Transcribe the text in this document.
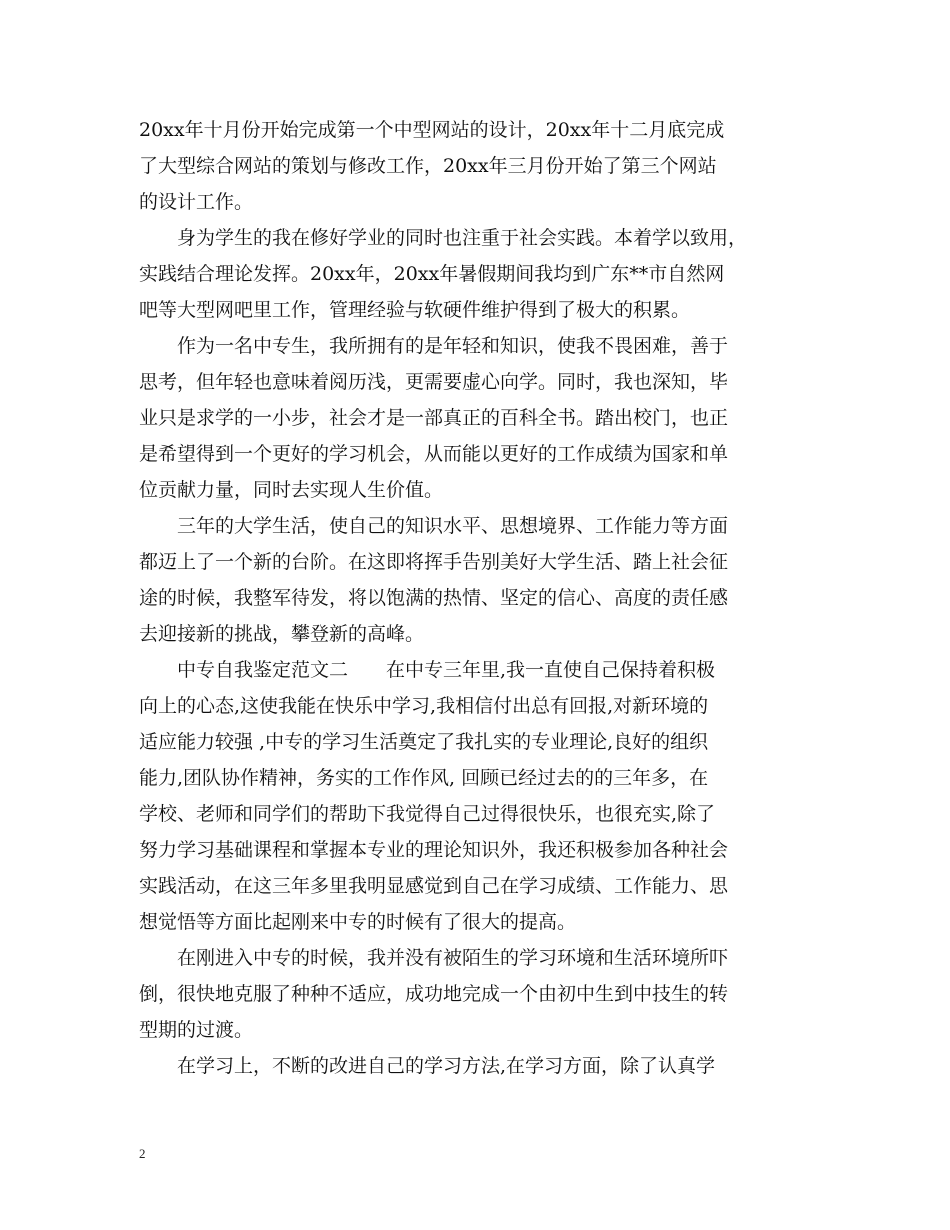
20xx年十月份开始完成第一个中型网站的设计，20xx年十二月底完成
了大型综合网站的策划与修改工作，20xx年三月份开始了第三个网站
的设计工作。
　　身为学生的我在修好学业的同时也注重于社会实践。本着学以致用，
实践结合理论发挥。20xx年，20xx年暑假期间我均到广东**市自然网
吧等大型网吧里工作，管理经验与软硬件维护得到了极大的积累。
　　作为一名中专生，我所拥有的是年轻和知识，使我不畏困难，善于
思考，但年轻也意味着阅历浅，更需要虚心向学。同时，我也深知，毕
业只是求学的一小步，社会才是一部真正的百科全书。踏出校门，也正
是希望得到一个更好的学习机会，从而能以更好的工作成绩为国家和单
位贡献力量，同时去实现人生价值。
　　三年的大学生活，使自己的知识水平、思想境界、工作能力等方面
都迈上了一个新的台阶。在这即将挥手告别美好大学生活、踏上社会征
途的时候，我整军待发，将以饱满的热情、坚定的信心、高度的责任感
去迎接新的挑战，攀登新的高峰。
　　中专自我鉴定范文二　　在中专三年里,我一直使自己保持着积极
向上的心态,这使我能在快乐中学习,我相信付出总有回报,对新环境的
适应能力较强 ,中专的学习生活奠定了我扎实的专业理论,良好的组织
能力,团队协作精神，务实的工作作风, 回顾已经过去的的三年多，在
学校、老师和同学们的帮助下我觉得自己过得很快乐，也很充实,除了
努力学习基础课程和掌握本专业的理论知识外，我还积极参加各种社会
实践活动，在这三年多里我明显感觉到自己在学习成绩、工作能力、思
想觉悟等方面比起刚来中专的时候有了很大的提高。
　　在刚进入中专的时候，我并没有被陌生的学习环境和生活环境所吓
倒，很快地克服了种种不适应，成功地完成一个由初中生到中技生的转
型期的过渡。
　　在学习上，不断的改进自己的学习方法,在学习方面，除了认真学
2
